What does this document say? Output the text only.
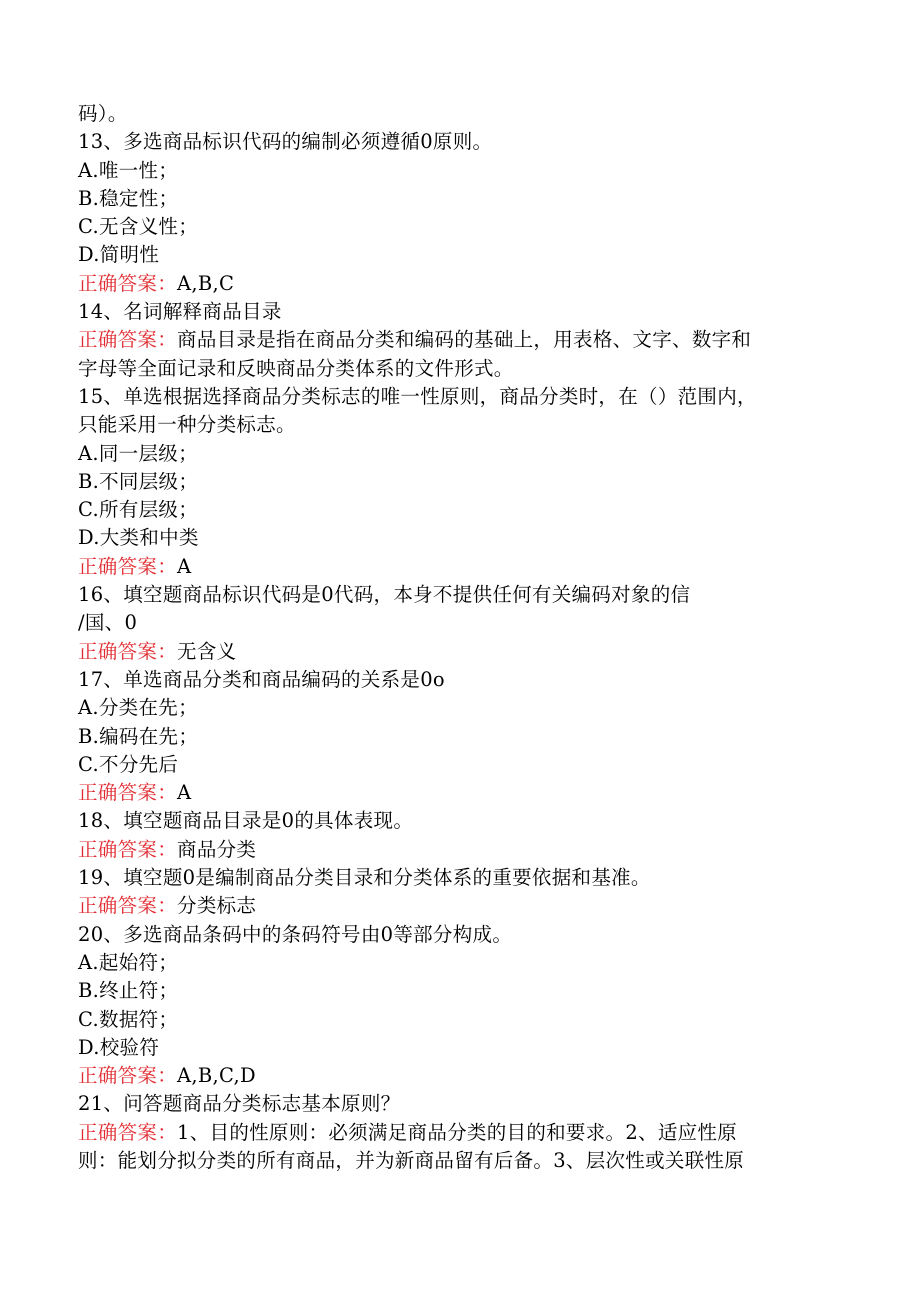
码）。
13、多选商品标识代码的编制必须遵循0原则。
A.唯一性；
B.稳定性；
C.无含义性；
D.简明性
正确答案：A,B,C
14、名词解释商品目录
正确答案：商品目录是指在商品分类和编码的基础上，用表格、文字、数字和
字母等全面记录和反映商品分类体系的文件形式。
15、单选根据选择商品分类标志的唯一性原则，商品分类时，在（）范围内，
只能采用一种分类标志。
A.同一层级；
B.不同层级；
C.所有层级；
D.大类和中类
正确答案：A
16、填空题商品标识代码是0代码，本身不提供任何有关编码对象的信
/国、0
正确答案：无含义
17、单选商品分类和商品编码的关系是0o
A.分类在先；
B.编码在先；
C.不分先后
正确答案：A
18、填空题商品目录是0的具体表现。
正确答案：商品分类
19、填空题0是编制商品分类目录和分类体系的重要依据和基准。
正确答案：分类标志
20、多选商品条码中的条码符号由0等部分构成。
A.起始符；
B.终止符；
C.数据符；
D.校验符
正确答案：A,B,C,D
21、问答题商品分类标志基本原则？
正确答案：1、目的性原则：必须满足商品分类的目的和要求。2、适应性原
则：能划分拟分类的所有商品，并为新商品留有后备。3、层次性或关联性原
